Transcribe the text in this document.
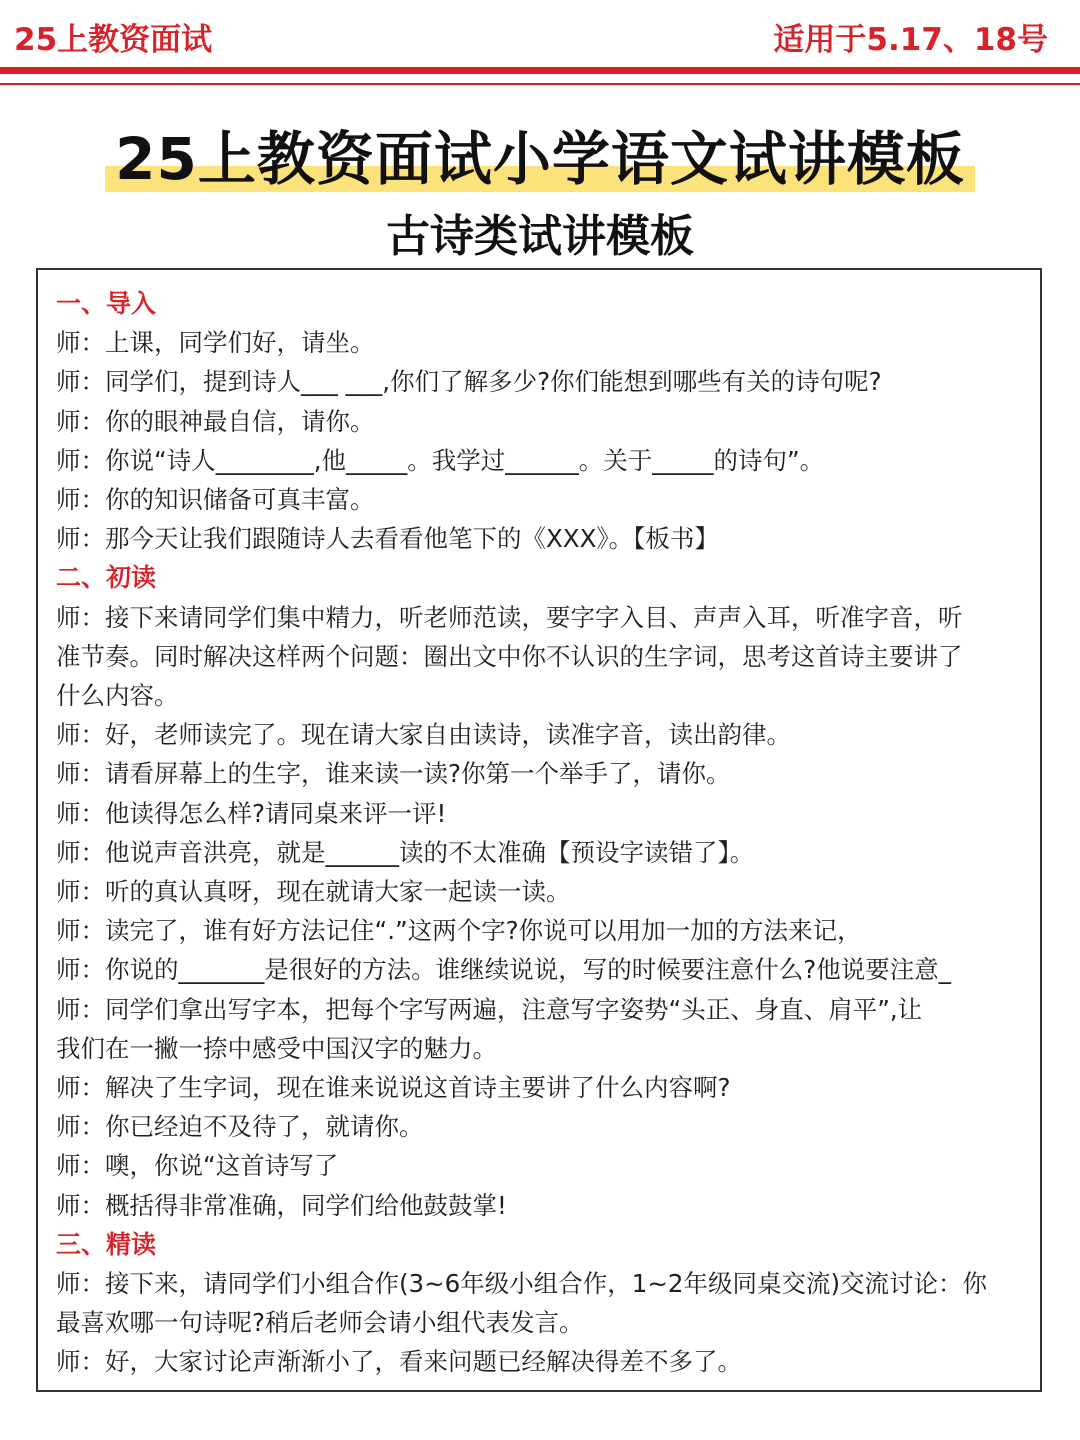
25上教资面试	适用于5.17、18号
25上教资面试小学语文试讲模板
古诗类试讲模板
一、导入
师：上课，同学们好，请坐。
师：同学们，提到诗人___ ___,你们了解多少?你们能想到哪些有关的诗句呢?
师：你的眼神最自信，请你。
师：你说“诗人________,他_____。我学过______。关于_____的诗句”。
师：你的知识储备可真丰富。
师：那今天让我们跟随诗人去看看他笔下的《XXX》。【板书】
二、初读
师：接下来请同学们集中精力，听老师范读，要字字入目、声声入耳，听准字音，听
准节奏。同时解决这样两个问题：圈出文中你不认识的生字词，思考这首诗主要讲了
什么内容。
师：好，老师读完了。现在请大家自由读诗，读准字音，读出韵律。
师：请看屏幕上的生字，谁来读一读?你第一个举手了，请你。
师：他读得怎么样?请同桌来评一评!
师：他说声音洪亮，就是______读的不太准确【预设字读错了】。
师：听的真认真呀，现在就请大家一起读一读。
师：读完了，谁有好方法记住“.”这两个字?你说可以用加一加的方法来记，
师：你说的_______是很好的方法。谁继续说说，写的时候要注意什么?他说要注意_
师：同学们拿出写字本，把每个字写两遍，注意写字姿势“头正、身直、肩平”,让
我们在一撇一捺中感受中国汉字的魅力。
师：解决了生字词，现在谁来说说这首诗主要讲了什么内容啊?
师：你已经迫不及待了，就请你。
师：噢，你说“这首诗写了
师：概括得非常准确，同学们给他鼓鼓掌!
三、精读
师：接下来，请同学们小组合作(3~6年级小组合作，1~2年级同桌交流)交流讨论：你
最喜欢哪一句诗呢?稍后老师会请小组代表发言。
师：好，大家讨论声渐渐小了，看来问题已经解决得差不多了。
